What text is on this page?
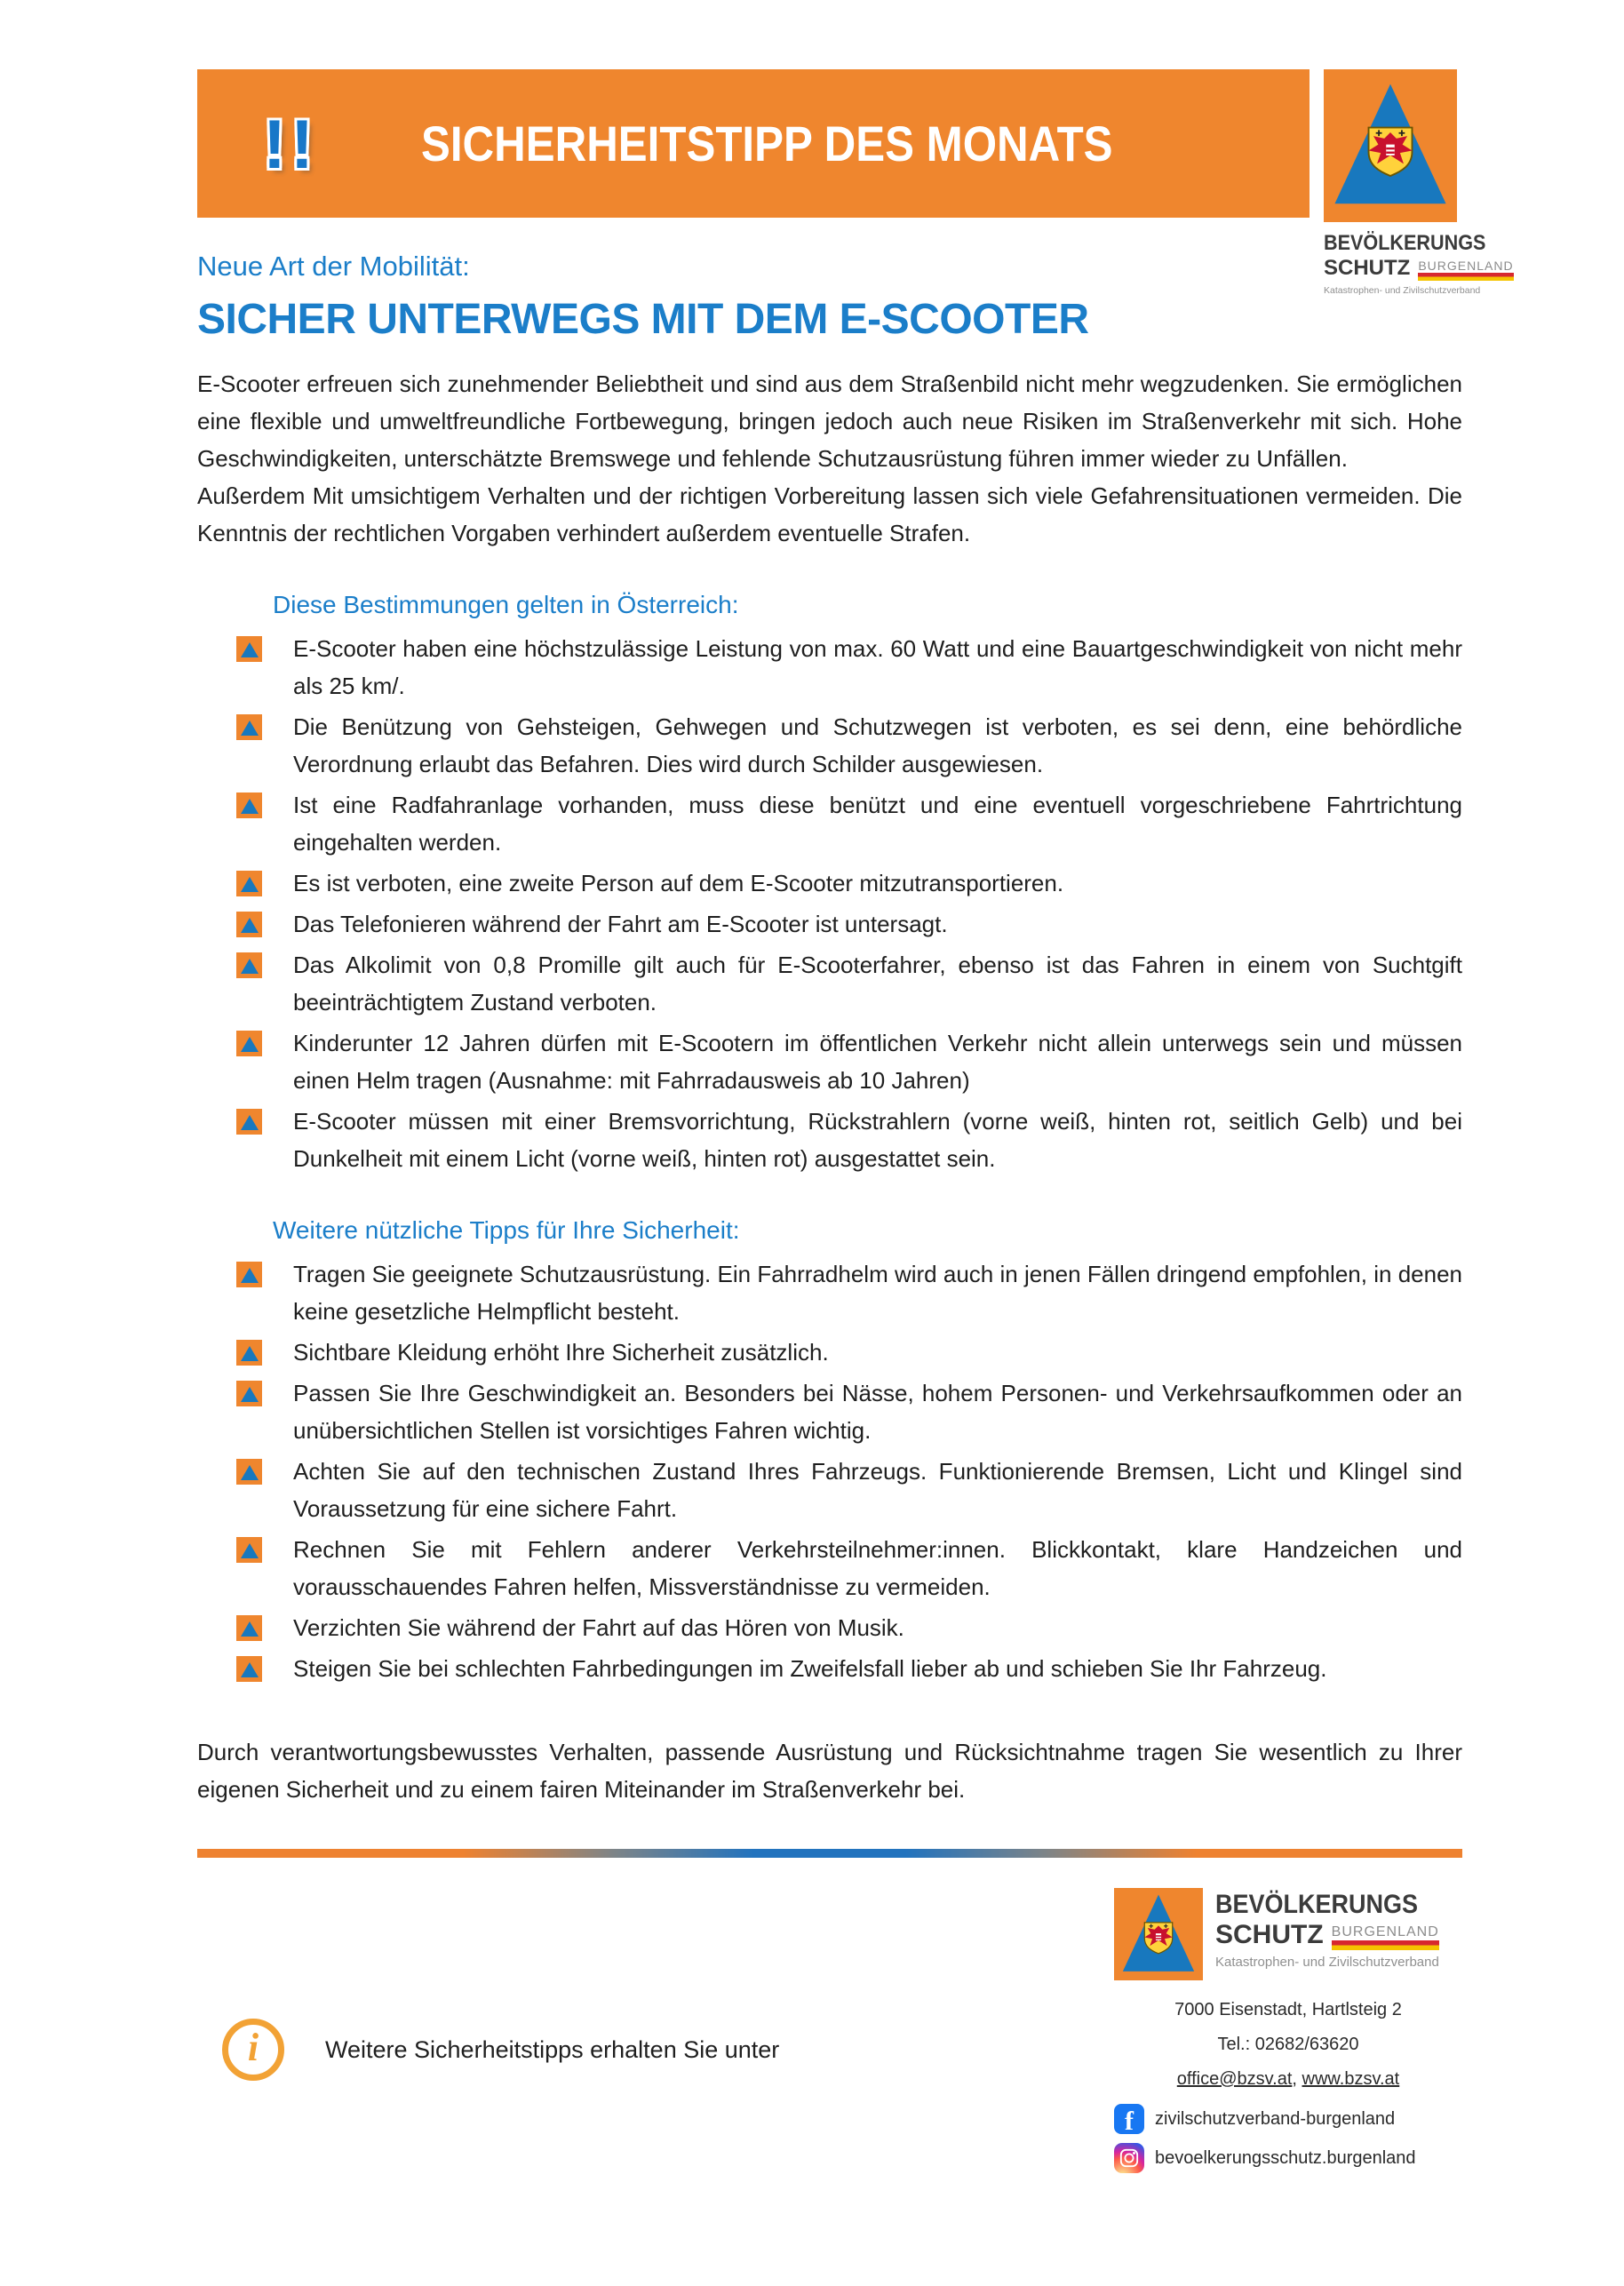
!! SICHERHEITSTIPP DES MONATS
BEVÖLKERUNGS
SCHUTZ BURGENLAND
Katastrophen- und Zivilschutzverband
Neue Art der Mobilität:
SICHER UNTERWEGS MIT DEM E-SCOOTER

E-Scooter erfreuen sich zunehmender Beliebtheit und sind aus dem Straßenbild nicht mehr wegzudenken. Sie ermöglichen eine flexible und umweltfreundliche Fortbewegung, bringen jedoch auch neue Risiken im Straßenverkehr mit sich. Hohe Geschwindigkeiten, unterschätzte Bremswege und fehlende Schutzausrüstung führen immer wieder zu Unfällen.

Außerdem Mit umsichtigem Verhalten und der richtigen Vorbereitung lassen sich viele Gefahrensituationen vermeiden. Die Kenntnis der rechtlichen Vorgaben verhindert außerdem eventuelle Strafen.

Diese Bestimmungen gelten in Österreich:
E-Scooter haben eine höchstzulässige Leistung von max. 60 Watt und eine Bauartgeschwindigkeit von nicht mehr als 25 km/.
Die Benützung von Gehsteigen, Gehwegen und Schutzwegen ist verboten, es sei denn, eine behördliche Verordnung erlaubt das Befahren. Dies wird durch Schilder ausgewiesen.
Ist eine Radfahranlage vorhanden, muss diese benützt und eine eventuell vorgeschriebene Fahrtrichtung eingehalten werden.
Es ist verboten, eine zweite Person auf dem E-Scooter mitzutransportieren.
Das Telefonieren während der Fahrt am E-Scooter ist untersagt.
Das Alkolimit von 0,8 Promille gilt auch für E-Scooterfahrer, ebenso ist das Fahren in einem von Suchtgift beeinträchtigtem Zustand verboten.
Kinderunter 12 Jahren dürfen mit E-Scootern im öffentlichen Verkehr nicht allein unterwegs sein und müssen einen Helm tragen (Ausnahme: mit Fahrradausweis ab 10 Jahren)
E-Scooter müssen mit einer Bremsvorrichtung, Rückstrahlern (vorne weiß, hinten rot, seitlich Gelb) und bei Dunkelheit mit einem Licht (vorne weiß, hinten rot) ausgestattet sein.
Weitere nützliche Tipps für Ihre Sicherheit:
Tragen Sie geeignete Schutzausrüstung. Ein Fahrradhelm wird auch in jenen Fällen dringend empfohlen, in denen keine gesetzliche Helmpflicht besteht.
Sichtbare Kleidung erhöht Ihre Sicherheit zusätzlich.
Passen Sie Ihre Geschwindigkeit an. Besonders bei Nässe, hohem Personen- und Verkehrsaufkommen oder an unübersichtlichen Stellen ist vorsichtiges Fahren wichtig.
Achten Sie auf den technischen Zustand Ihres Fahrzeugs. Funktionierende Bremsen, Licht und Klingel sind Voraussetzung für eine sichere Fahrt.
Rechnen Sie mit Fehlern anderer Verkehrsteilnehmer:innen. Blickkontakt, klare Handzeichen und vorausschauendes Fahren helfen, Missverständnisse zu vermeiden.
Verzichten Sie während der Fahrt auf das Hören von Musik.
Steigen Sie bei schlechten Fahrbedingungen im Zweifelsfall lieber ab und schieben Sie Ihr Fahrzeug.

Durch verantwortungsbewusstes Verhalten, passende Ausrüstung und Rücksichtnahme tragen Sie wesentlich zu Ihrer eigenen Sicherheit und zu einem fairen Miteinander im Straßenverkehr bei.

i	Weitere Sicherheitstipps erhalten Sie unter
BEVÖLKERUNGS
SCHUTZ BURGENLAND
Katastrophen- und Zivilschutzverband
7000 Eisenstadt, Hartlsteig 2
Tel.: 02682/63620
office@bzsv.at, www.bzsv.at
f zivilschutzverband-burgenland
bevoelkerungsschutz.burgenland
